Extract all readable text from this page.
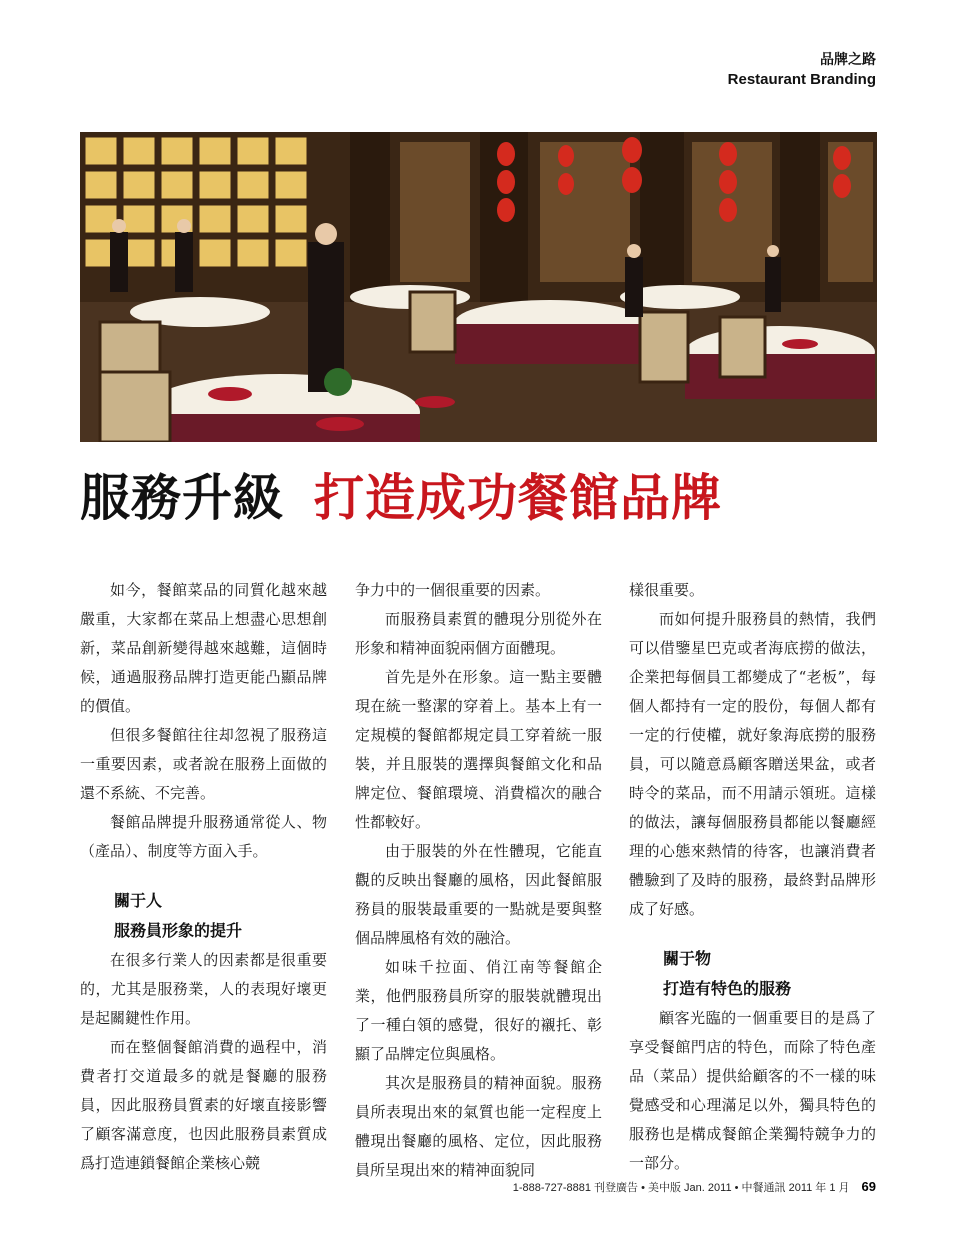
品牌之路
Restaurant Branding
服務升級 打造成功餐館品牌

如今，餐館菜品的同質化越來越嚴重，大家都在菜品上想盡心思想創新，菜品創新變得越來越難，這個時候，通過服務品牌打造更能凸顯品牌的價值。

但很多餐館往往却忽視了服務這一重要因素，或者說在服務上面做的還不系統、不完善。

餐館品牌提升服務通常從人、物（產品）、制度等方面入手。

關于人
服務員形象的提升

在很多行業人的因素都是很重要的，尤其是服務業，人的表現好壞更是起關鍵性作用。

而在整個餐館消費的過程中，消費者打交道最多的就是餐廳的服務員，因此服務員質素的好壞直接影響了顧客滿意度，也因此服務員素質成爲打造連鎖餐館企業核心競

争力中的一個很重要的因素。

而服務員素質的體現分別從外在形象和精神面貌兩個方面體現。

首先是外在形象。這一點主要體現在統一整潔的穿着上。基本上有一定規模的餐館都規定員工穿着統一服裝，并且服裝的選擇與餐館文化和品牌定位、餐館環境、消費檔次的融合性都較好。

由于服裝的外在性體現，它能直觀的反映出餐廳的風格，因此餐館服務員的服裝最重要的一點就是要與整個品牌風格有效的融洽。

如味千拉面、俏江南等餐館企業，他們服務員所穿的服裝就體現出了一種白領的感覺，很好的襯托、彰顯了品牌定位與風格。

其次是服務員的精神面貌。服務員所表現出來的氣質也能一定程度上體現出餐廳的風格、定位，因此服務員所呈現出來的精神面貌同

樣很重要。

而如何提升服務員的熱情，我們可以借鑒星巴克或者海底撈的做法，企業把每個員工都變成了“老板”，每個人都持有一定的股份，每個人都有一定的行使權，就好象海底撈的服務員，可以隨意爲顧客贈送果盆，或者時令的菜品，而不用請示領班。這樣的做法，讓每個服務員都能以餐廳經理的心態來熱情的待客，也讓消費者體驗到了及時的服務，最終對品牌形成了好感。

關于物
打造有特色的服務

顧客光臨的一個重要目的是爲了享受餐館門店的特色，而除了特色產品（菜品）提供給顧客的不一樣的味覺感受和心理滿足以外，獨具特色的服務也是構成餐館企業獨特競争力的一部分。

1-888-727-8881 刊登廣告 • 美中版 Jan. 2011 • 中餐通訊 2011 年 1 月 69
